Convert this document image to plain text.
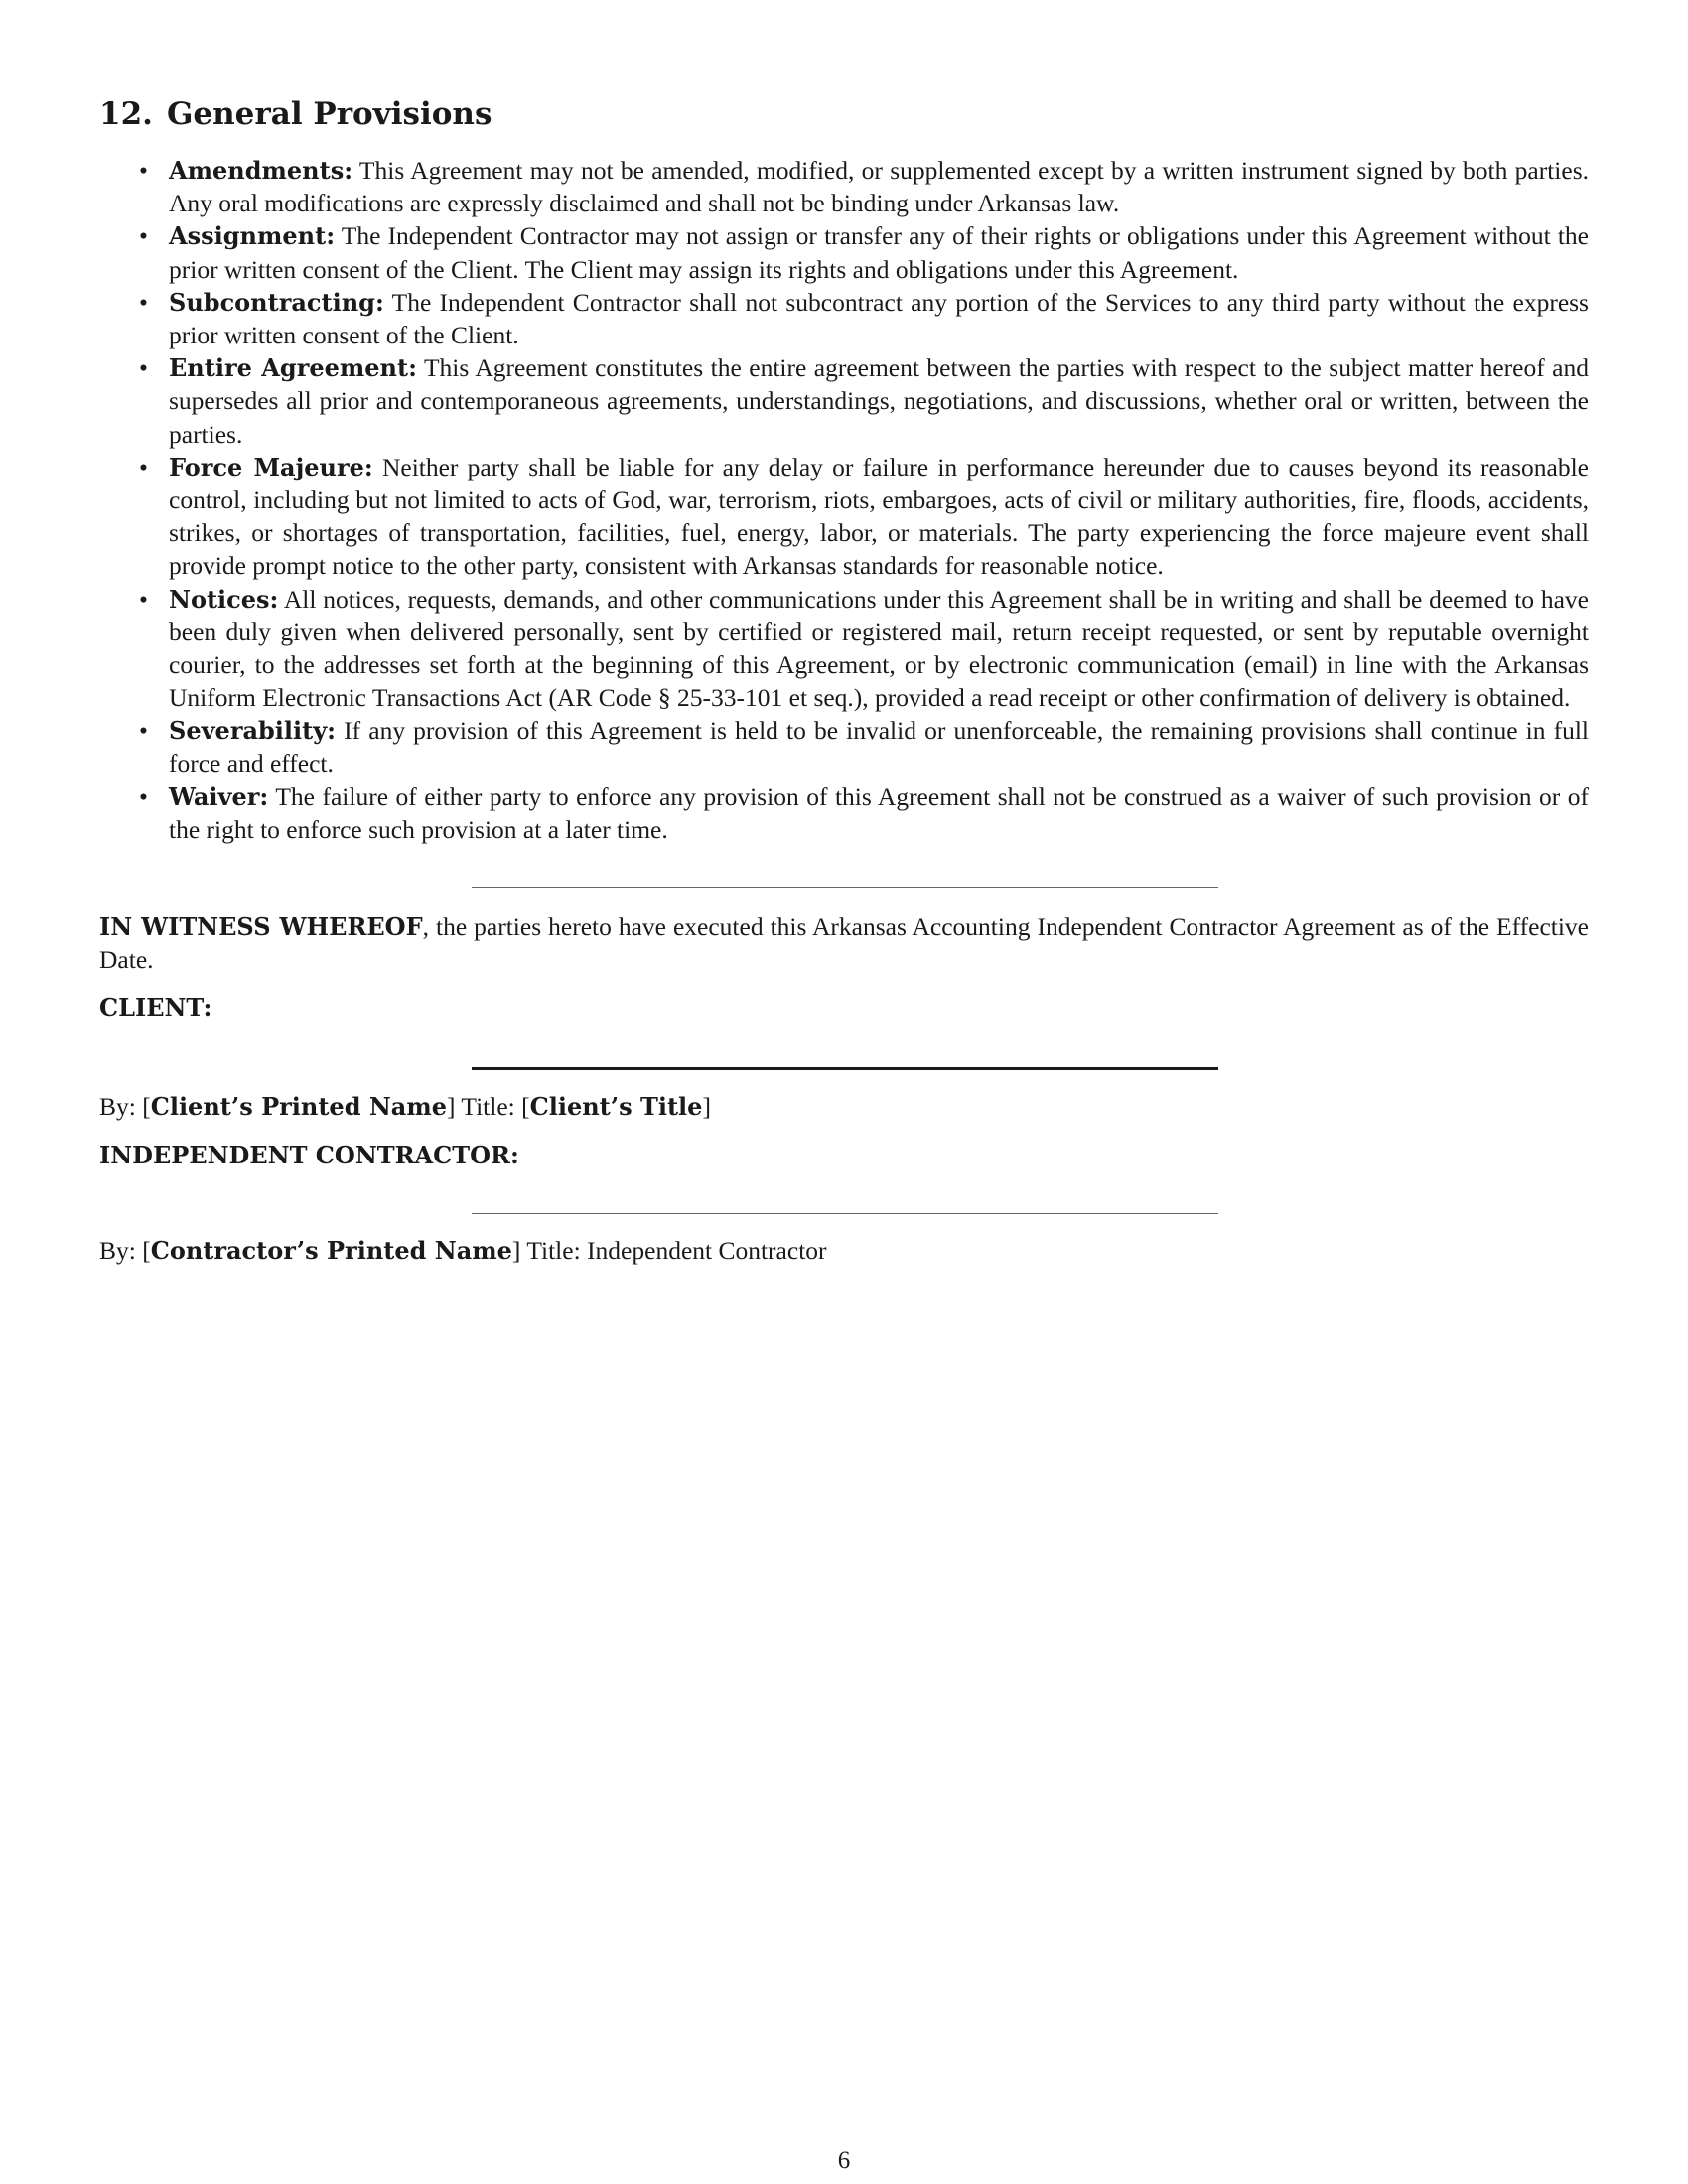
12. General Provisions
• Amendments: This Agreement may not be amended, modified, or supplemented except by a written instrument signed by both parties. Any oral modifications are expressly disclaimed and shall not be binding under Arkansas law.
• Assignment: The Independent Contractor may not assign or transfer any of their rights or obligations under this Agreement without the prior written consent of the Client. The Client may assign its rights and obligations under this Agreement.
• Subcontracting: The Independent Contractor shall not subcontract any portion of the Services to any third party without the express prior written consent of the Client.
• Entire Agreement: This Agreement constitutes the entire agreement between the parties with respect to the subject matter hereof and supersedes all prior and contemporaneous agreements, understandings, negotiations, and discussions, whether oral or written, between the parties.
• Force Majeure: Neither party shall be liable for any delay or failure in performance hereunder due to causes beyond its reasonable control, including but not limited to acts of God, war, terrorism, riots, embargoes, acts of civil or military authorities, fire, floods, accidents, strikes, or shortages of transportation, facilities, fuel, energy, labor, or materials. The party experiencing the force majeure event shall provide prompt notice to the other party, consistent with Arkansas standards for reasonable notice.
• Notices: All notices, requests, demands, and other communications under this Agreement shall be in writing and shall be deemed to have been duly given when delivered personally, sent by certified or registered mail, return receipt requested, or sent by reputable overnight courier, to the addresses set forth at the beginning of this Agreement, or by electronic communication (email) in line with the Arkansas Uniform Electronic Transactions Act (AR Code § 25-33-101 et seq.), provided a read receipt or other confirmation of delivery is obtained.
• Severability: If any provision of this Agreement is held to be invalid or unenforceable, the remaining provisions shall continue in full force and effect.
• Waiver: The failure of either party to enforce any provision of this Agreement shall not be construed as a waiver of such provision or of the right to enforce such provision at a later time.

IN WITNESS WHEREOF, the parties hereto have executed this Arkansas Accounting Independent Contractor Agreement as of the Effective Date.

CLIENT:

By: [Client’s Printed Name] Title: [Client’s Title]

INDEPENDENT CONTRACTOR:

By: [Contractor’s Printed Name] Title: Independent Contractor

6
